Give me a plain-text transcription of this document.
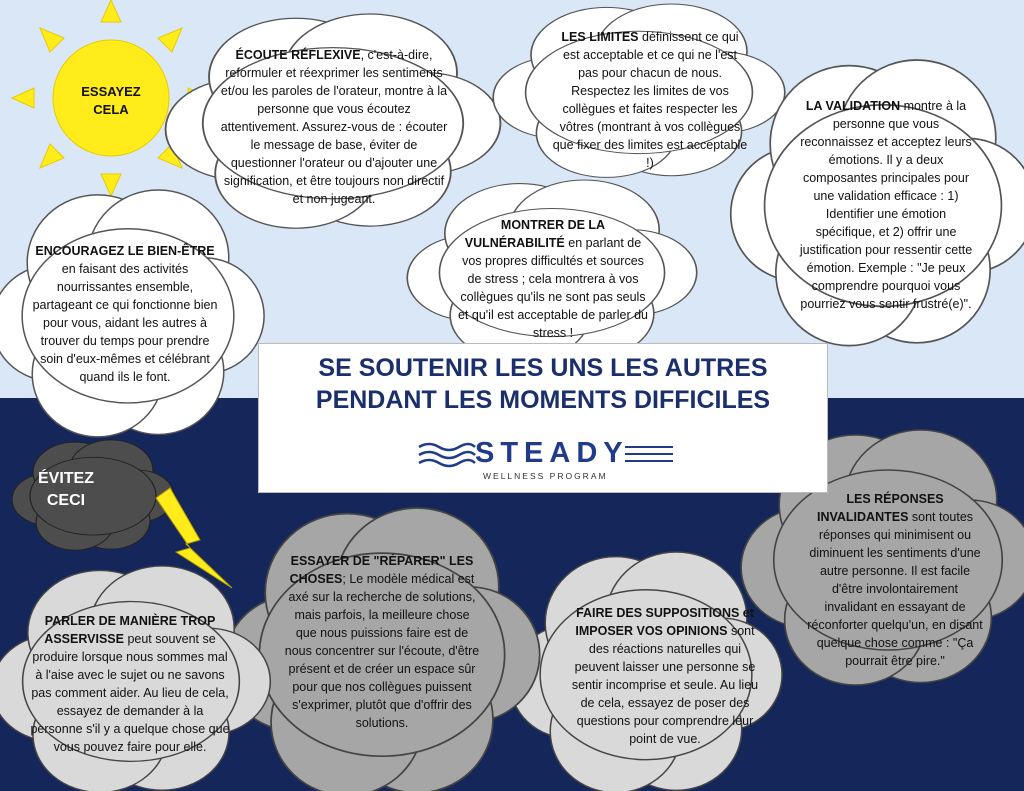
ESSAYEZ
CELA
ÉVITEZ
CECI
ÉCOUTE RÉFLEXIVE, c'est-à-dire, reformuler et réexprimer les sentiments et/ou les paroles de l'orateur, montre à la personne que vous écoutez attentivement. Assurez-vous de : écouter le message de base, éviter de questionner l'orateur ou d'ajouter une signification, et être toujours non directif et non jugeant.
LES LIMITES définissent ce qui est acceptable et ce qui ne l'est pas pour chacun de nous. Respectez les limites de vos collègues et faites respecter les vôtres (montrant à vos collègues que fixer des limites est acceptable !)
LA VALIDATION montre à la personne que vous reconnaissez et acceptez leurs émotions. Il y a deux composantes principales pour une validation efficace : 1) Identifier une émotion spécifique, et 2) offrir une justification pour ressentir cette émotion. Exemple : "Je peux comprendre pourquoi vous pourriez vous sentir frustré(e)".
ENCOURAGEZ LE BIEN-ÊTRE en faisant des activités nourrissantes ensemble, partageant ce qui fonctionne bien pour vous, aidant les autres à trouver du temps pour prendre soin d'eux-mêmes et célébrant quand ils le font.
MONTRER DE LA VULNÉRABILITÉ en parlant de vos propres difficultés et sources de stress ; cela montrera à vos collègues qu'ils ne sont pas seuls et qu'il est acceptable de parler du stress !
LES RÉPONSES INVALIDANTES sont toutes réponses qui minimisent ou diminuent les sentiments d'une autre personne. Il est facile d'être involontairement invalidant en essayant de réconforter quelqu'un, en disant quelque chose comme : "Ça pourrait être pire."
ESSAYER DE "RÉPARER" LES CHOSES; Le modèle médical est axé sur la recherche de solutions, mais parfois, la meilleure chose que nous puissions faire est de nous concentrer sur l'écoute, d'être présent et de créer un espace sûr pour que nos collègues puissent s'exprimer, plutôt que d'offrir des solutions.
FAIRE DES SUPPOSITIONS et IMPOSER VOS OPINIONS sont des réactions naturelles qui peuvent laisser une personne se sentir incomprise et seule. Au lieu de cela, essayez de poser des questions pour comprendre leur point de vue.
PARLER DE MANIÈRE TROP ASSERVISSE peut souvent se produire lorsque nous sommes mal à l'aise avec le sujet ou ne savons pas comment aider. Au lieu de cela, essayez de demander à la personne s'il y a quelque chose que vous pouvez faire pour elle.
SE SOUTENIR LES UNS LES AUTRES
PENDANT LES MOMENTS DIFFICILES
STEADY
WELLNESS PROGRAM
